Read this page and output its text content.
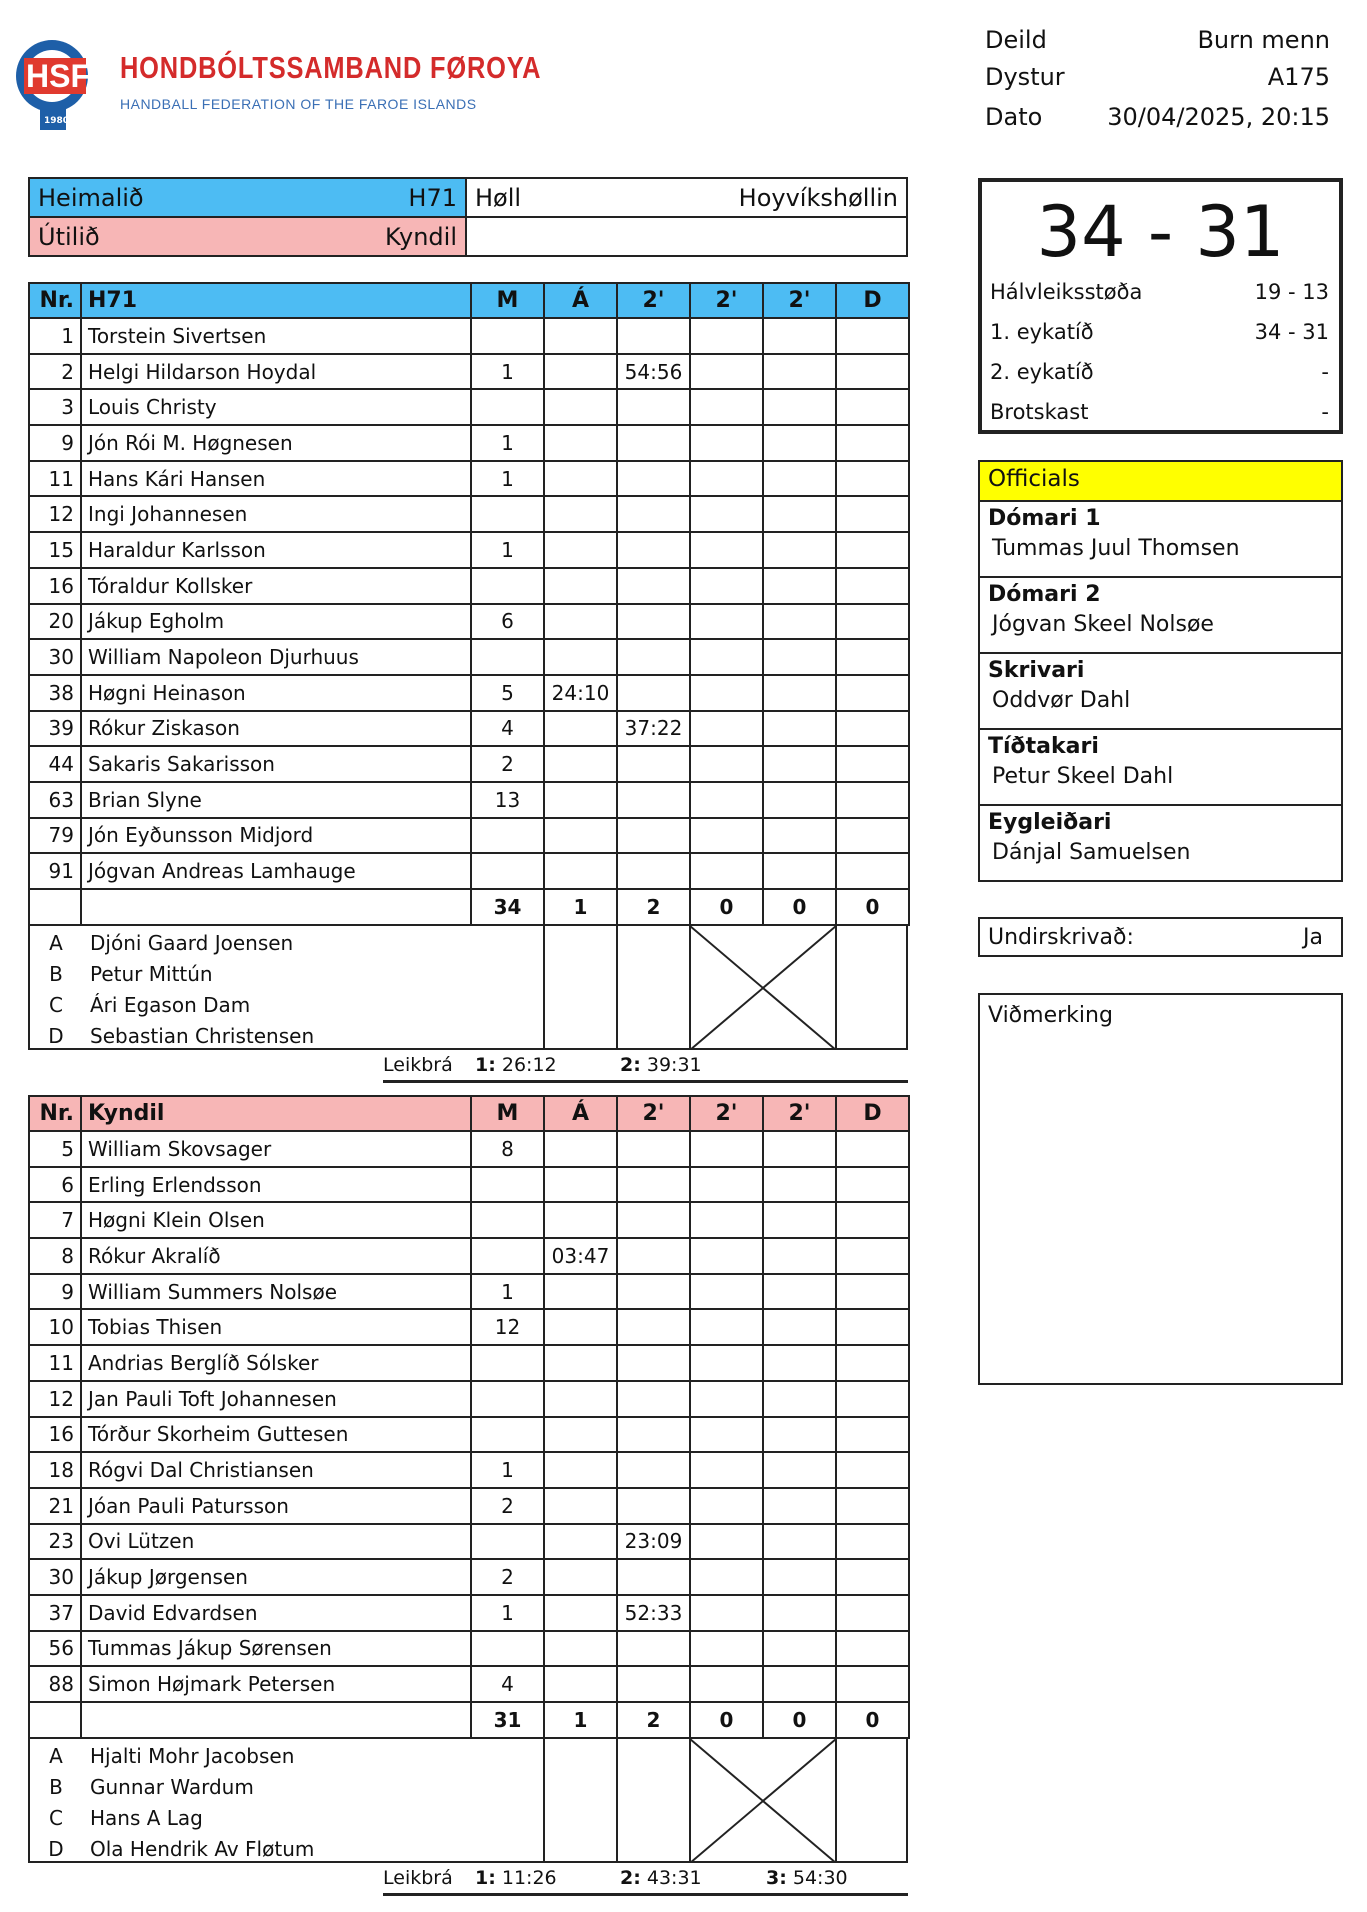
HSF
1980
HONDBÓLTSSAMBAND FØROYA
HANDBALL FEDERATION OF THE FAROE ISLANDS
Deild	Burn menn
Dystur	A175
Dato	30/04/2025, 20:15
Heimalið	H71
Útilið	Kyndil
Høll	Hoyvíkshøllin	34 - 31
Hálvleiksstøða	19 - 13
1. eykatíð	34 - 31
2. eykatíð	-
Brotskast	-
Officials
Dómari 1
Tummas Juul Thomsen
Dómari 2
Jógvan Skeel Nolsøe
Skrivari
Oddvør Dahl
Tíðtakari
Petur Skeel Dahl
Eygleiðari
Dánjal Samuelsen
Undirskrivað:	Ja
Viðmerking
Nr.	H71	M	Á	2'	2'	2'	D
1	Torstein Sivertsen						
2	Helgi Hildarson Hoydal	1		54:56			
3	Louis Christy						
9	Jón Rói M. Høgnesen	1					
11	Hans Kári Hansen	1					
12	Ingi Johannesen						
15	Haraldur Karlsson	1					
16	Tóraldur Kollsker						
20	Jákup Egholm	6					
30	William Napoleon Djurhuus						
38	Høgni Heinason	5	24:10				
39	Rókur Ziskason	4		37:22			
44	Sakaris Sakarisson	2					
63	Brian Slyne	13					
79	Jón Eyðunsson Midjord						
91	Jógvan Andreas Lamhauge						
		34	1	2	0	0	0
A	Djóni Gaard Joensen
B	Petur Mittún
C	Ári Egason Dam
D	Sebastian Christensen
Leikbrá 1: 26:12	2: 39:31
Nr.	Kyndil	M	Á	2'	2'	2'	D
5	William Skovsager	8					
6	Erling Erlendsson						
7	Høgni Klein Olsen						
8	Rókur Akralíð		03:47				
9	William Summers Nolsøe	1					
10	Tobias Thisen	12					
11	Andrias Berglíð Sólsker						
12	Jan Pauli Toft Johannesen						
16	Tórður Skorheim Guttesen						
18	Rógvi Dal Christiansen	1					
21	Jóan Pauli Patursson	2					
23	Ovi Lützen			23:09			
30	Jákup Jørgensen	2					
37	David Edvardsen	1		52:33			
56	Tummas Jákup Sørensen						
88	Simon Højmark Petersen	4					
		31	1	2	0	0	0
A	Hjalti Mohr Jacobsen
B	Gunnar Wardum
C	Hans A Lag
D	Ola Hendrik Av Fløtum
Leikbrá 1: 11:26	2: 43:31	3: 54:30
